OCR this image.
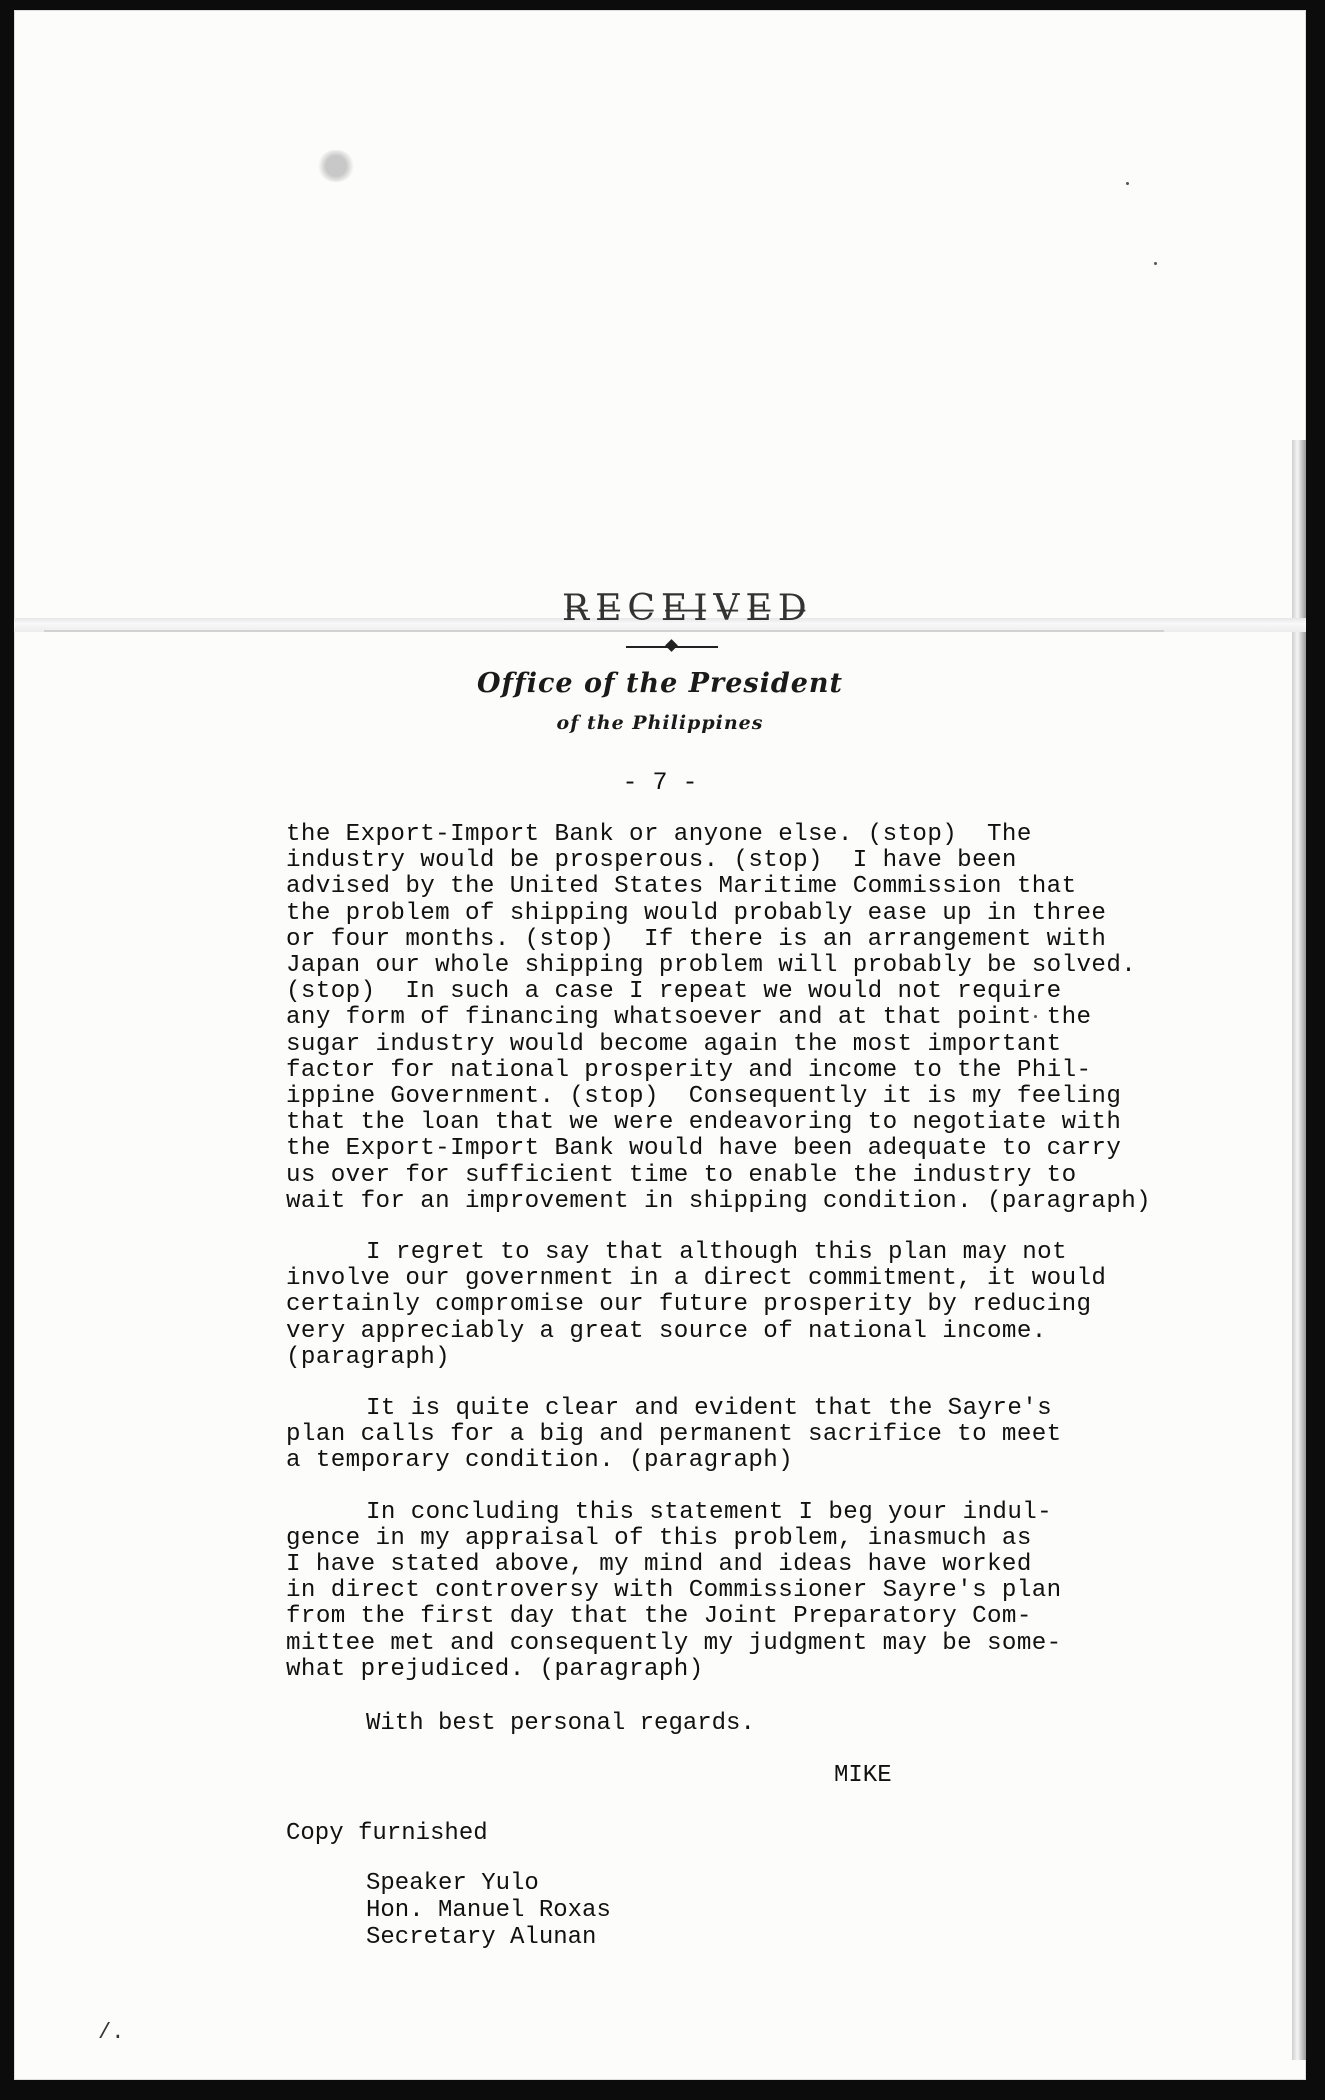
R̶E̶C̶E̶I̶V̶E̶D̶
Office of the President
of the Philippines
- 7 -
the Export-Import Bank or anyone else. (stop)  The
industry would be prosperous. (stop)  I have been
advised by the United States Maritime Commission that
the problem of shipping would probably ease up in three
or four months. (stop)  If there is an arrangement with
Japan our whole shipping problem will probably be solved.
(stop)  In such a case I repeat we would not require
any form of financing whatsoever and at that point the
sugar industry would become again the most important
factor for national prosperity and income to the Phil-
ippine Government. (stop)  Consequently it is my feeling
that the loan that we were endeavoring to negotiate with
the Export-Import Bank would have been adequate to carry
us over for sufficient time to enable the industry to
wait for an improvement in shipping condition. (paragraph)
I regret to say that although this plan may not
involve our government in a direct commitment, it would
certainly compromise our future prosperity by reducing
very appreciably a great source of national income.
(paragraph)
It is quite clear and evident that the Sayre's
plan calls for a big and permanent sacrifice to meet
a temporary condition. (paragraph)
In concluding this statement I beg your indul-
gence in my appraisal of this problem, inasmuch as
I have stated above, my mind and ideas have worked
in direct controversy with Commissioner Sayre's plan
from the first day that the Joint Preparatory Com-
mittee met and consequently my judgment may be some-
what prejudiced. (paragraph)
With best personal regards.
MIKE
Copy furnished
Speaker Yulo
Hon. Manuel Roxas
Secretary Alunan
/.
